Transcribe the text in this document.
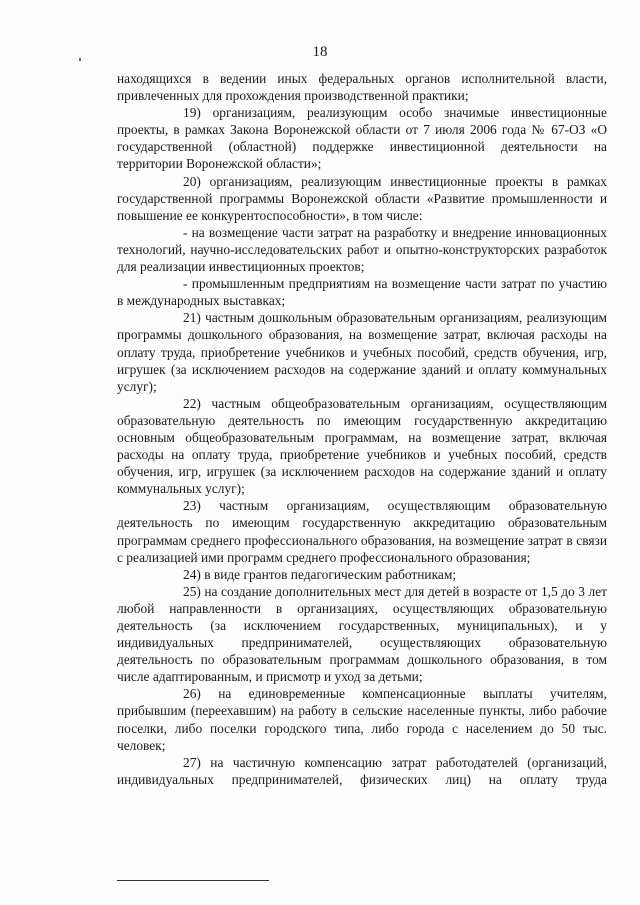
18

находящихся в ведении иных федеральных органов исполнительной власти, привлеченных для прохождения производственной практики;

19) организациям, реализующим особо значимые инвестиционные проекты, в рамках Закона Воронежской области от 7 июля 2006 года № 67-ОЗ «О государственной (областной) поддержке инвестиционной деятельности на территории Воронежской области»;

20) организациям, реализующим инвестиционные проекты в рамках государственной программы Воронежской области «Развитие промышленности и повышение ее конкурентоспособности», в том числе:

- на возмещение части затрат на разработку и внедрение инновационных технологий, научно-исследовательских работ и опытно-конструкторских разработок для реализации инвестиционных проектов;

- промышленным предприятиям на возмещение части затрат по участию в международных выставках;

21) частным дошкольным образовательным организациям, реализующим программы дошкольного образования, на возмещение затрат, включая расходы на оплату труда, приобретение учебников и учебных пособий, средств обучения, игр, игрушек (за исключением расходов на содержание зданий и оплату коммунальных услуг);

22) частным общеобразовательным организациям, осуществляющим образовательную деятельность по имеющим государственную аккредитацию основным общеобразовательным программам, на возмещение затрат, включая расходы на оплату труда, приобретение учебников и учебных пособий, средств обучения, игр, игрушек (за исключением расходов на содержание зданий и оплату коммунальных услуг);

23) частным организациям, осуществляющим образовательную деятельность по имеющим государственную аккредитацию образовательным программам среднего профессионального образования, на возмещение затрат в связи с реализацией ими программ среднего профессионального образования;

24) в виде грантов педагогическим работникам;

25) на создание дополнительных мест для детей в возрасте от 1,5 до 3 лет любой направленности в организациях, осуществляющих образовательную деятельность (за исключением государственных, муниципальных), и у индивидуальных предпринимателей, осуществляющих образовательную деятельность по образовательным программам дошкольного образования, в том числе адаптированным, и присмотр и уход за детьми;

26) на единовременные компенсационные выплаты учителям, прибывшим (переехавшим) на работу в сельские населенные пункты, либо рабочие поселки, либо поселки городского типа, либо города с населением до 50 тыс. человек;

27) на частичную компенсацию затрат работодателей (организаций, индивидуальных предпринимателей, физических лиц) на оплату труда
